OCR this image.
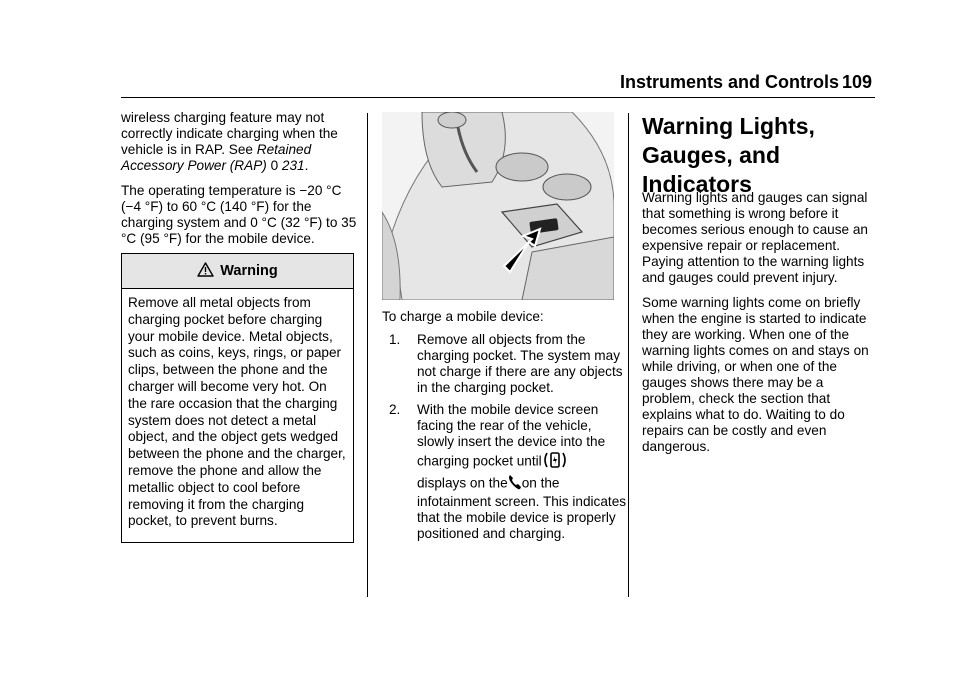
Instruments and Controls 109

wireless charging feature may not correctly indicate charging when the vehicle is in RAP. See Retained Accessory Power (RAP) 0 231.

The operating temperature is −20 °C (−4 °F) to 60 °C (140 °F) for the charging system and 0 °C (32 °F) to 35 °C (95 °F) for the mobile device.

Warning
Remove all metal objects from charging pocket before charging your mobile device. Metal objects, such as coins, keys, rings, or paper clips, between the phone and the charger will become very hot. On the rare occasion that the charging system does not detect a metal object, and the object gets wedged between the phone and the charger, remove the phone and allow the metallic object to cool before removing it from the charging pocket, to prevent burns.
To charge a mobile device:
1. Remove all objects from the charging pocket. The system may not charge if there are any objects in the charging pocket.
2. With the mobile device screen facing the rear of the vehicle, slowly insert the device into the charging pocket until
displays on the on the infotainment screen. This indicates that the mobile device is properly positioned and charging.
Warning Lights,
Gauges, and
Indicators

Warning lights and gauges can signal that something is wrong before it becomes serious enough to cause an expensive repair or replacement. Paying attention to the warning lights and gauges could prevent injury.

Some warning lights come on briefly when the engine is started to indicate they are working. When one of the warning lights comes on and stays on while driving, or when one of the gauges shows there may be a problem, check the section that explains what to do. Waiting to do repairs can be costly and even dangerous.
